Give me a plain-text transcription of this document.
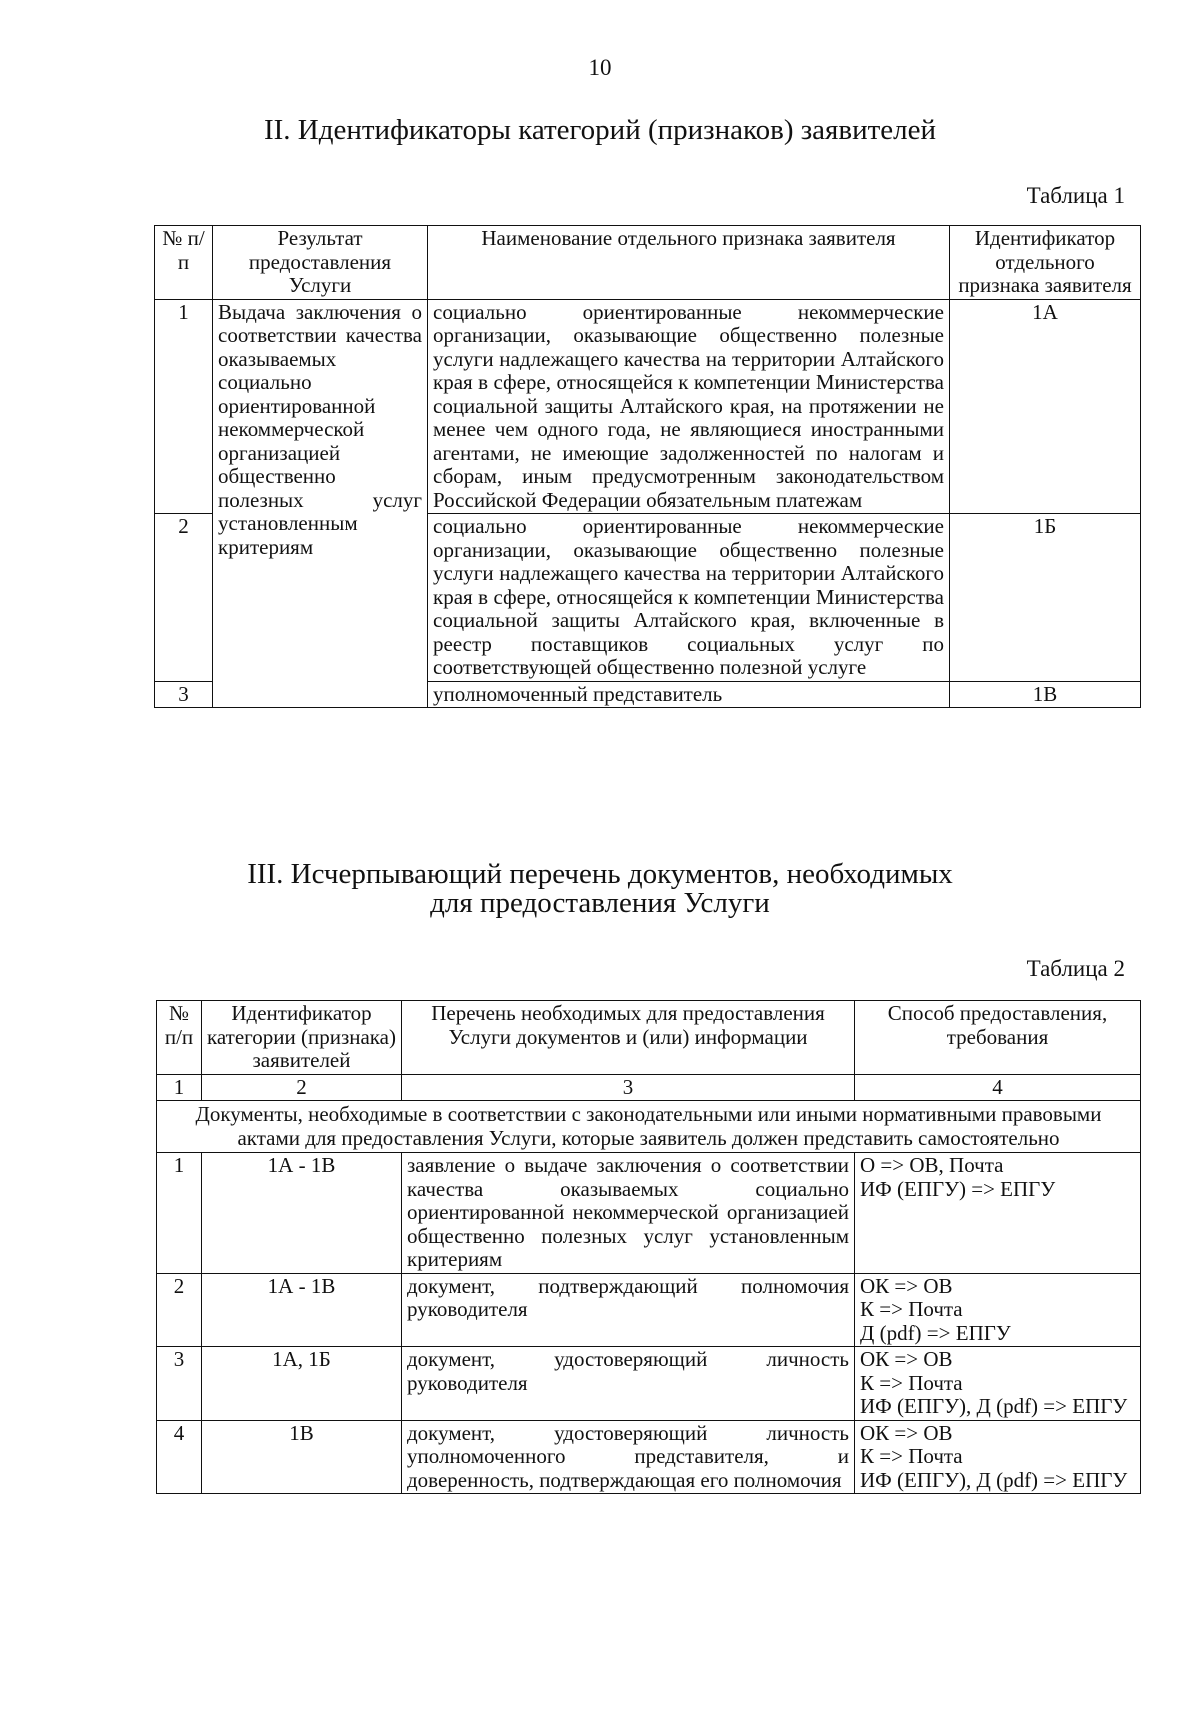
10
II. Идентификаторы категорий (признаков) заявителей
Таблица 1
№ п/п	Результат предоставления Услуги	Наименование отдельного признака заявителя	Идентификатор отдельного признака заявителя
1	Выдача заключения о соответствии качества оказываемых социально ориентированной некоммерческой организацией общественно полезных услуг установленным критериям	социально ориентированные некоммерческие организации, оказывающие общественно полезные услуги надлежащего качества на территории Алтайского края в сфере, относящейся к компетенции Министерства социальной защиты Алтайского края, на протяжении не менее чем одного года, не являющиеся иностранными агентами, не имеющие задолженностей по налогам и сборам, иным предусмотренным законодательством Российской Федерации обязательным платежам	1А
2		социально ориентированные некоммерческие организации, оказывающие общественно полезные услуги надлежащего качества на территории Алтайского края в сфере, относящейся к компетенции Министерства социальной защиты Алтайского края, включенные в реестр поставщиков социальных услуг по соответствующей общественно полезной услуге	1Б
3		уполномоченный представитель	1В
III. Исчерпывающий перечень документов, необходимых
для предоставления Услуги
Таблица 2
№ п/п	Идентификатор категории (признака) заявителей	Перечень необходимых для предоставления Услуги документов и (или) информации	Способ предоставления, требования
1	2	3	4
Документы, необходимые в соответствии с законодательными или иными нормативными правовыми актами для предоставления Услуги, которые заявитель должен представить самостоятельно			
1	1А - 1В	заявление о выдаче заключения о соответствии качества оказываемых социально ориентированной некоммерческой организацией общественно полезных услуг установленным критериям	О => ОВ, Почта
ИФ (ЕПГУ) => ЕПГУ

2	1А - 1В	документ, подтверждающий полномочия руководителя	ОК => ОВ
К => Почта
Д (pdf) => ЕПГУ

3	1А, 1Б	документ, удостоверяющий личность руководителя	ОК => ОВ
К => Почта
ИФ (ЕПГУ), Д (pdf) => ЕПГУ

4	1В	документ, удостоверяющий личность уполномоченного представителя, и доверенность, подтверждающая его полномочия	ОК => ОВ
К => Почта
ИФ (ЕПГУ), Д (pdf) => ЕПГУ
